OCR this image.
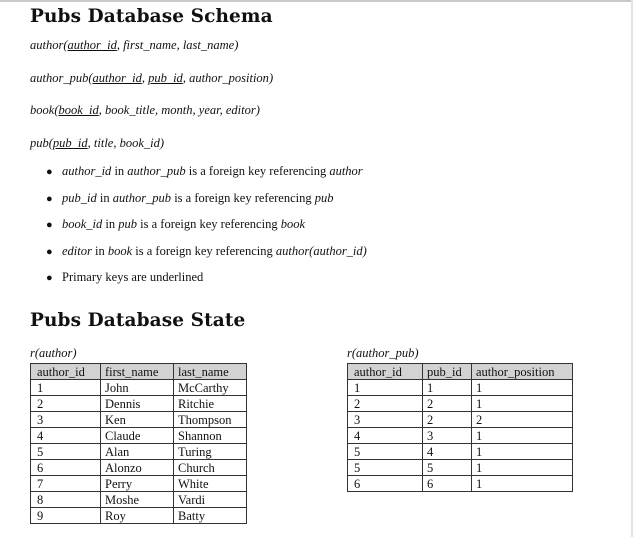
Pubs Database Schema

author(author_id, first_name, last_name)

author_pub(author_id, pub_id, author_position)

book(book_id, book_title, month, year, editor)

pub(pub_id, title, book_id)

● author_id in author_pub is a foreign key referencing author
● pub_id in author_pub is a foreign key referencing pub
● book_id in pub is a foreign key referencing book
● editor in book is a foreign key referencing author(author_id)
● Primary keys are underlined
Pubs Database State

r(author)

author_id	first_name	last_name
1	John	McCarthy
2	Dennis	Ritchie
3	Ken	Thompson
4	Claude	Shannon
5	Alan	Turing
6	Alonzo	Church
7	Perry	White
8	Moshe	Vardi
9	Roy	Batty

r(author_pub)

author_id	pub_id	author_position
1	1	1
2	2	1
3	2	2
4	3	1
5	4	1
5	5	1
6	6	1
